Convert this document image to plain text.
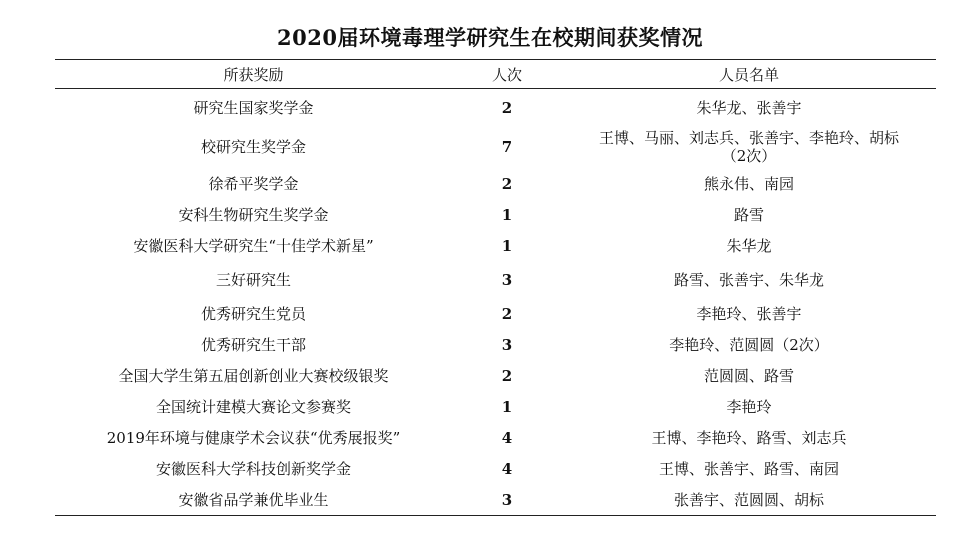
2020届环境毒理学研究生在校期间获奖情况
所获奖励	人次	人员名单
研究生国家奖学金	2	朱华龙、张善宇
校研究生奖学金	7	王博、马丽、刘志兵、张善宇、李艳玲、胡标
（2次）

徐希平奖学金	2	熊永伟、南园
安科生物研究生奖学金	1	路雪
安徽医科大学研究生“十佳学术新星”	1	朱华龙
三好研究生	3	路雪、张善宇、朱华龙
优秀研究生党员	2	李艳玲、张善宇
优秀研究生干部	3	李艳玲、范圆圆（2次）
全国大学生第五届创新创业大赛校级银奖	2	范圆圆、路雪
全国统计建模大赛论文参赛奖	1	李艳玲
2019年环境与健康学术会议获“优秀展报奖”	4	王博、李艳玲、路雪、刘志兵
安徽医科大学科技创新奖学金	4	王博、张善宇、路雪、南园
安徽省品学兼优毕业生	3	张善宇、范圆圆、胡标
